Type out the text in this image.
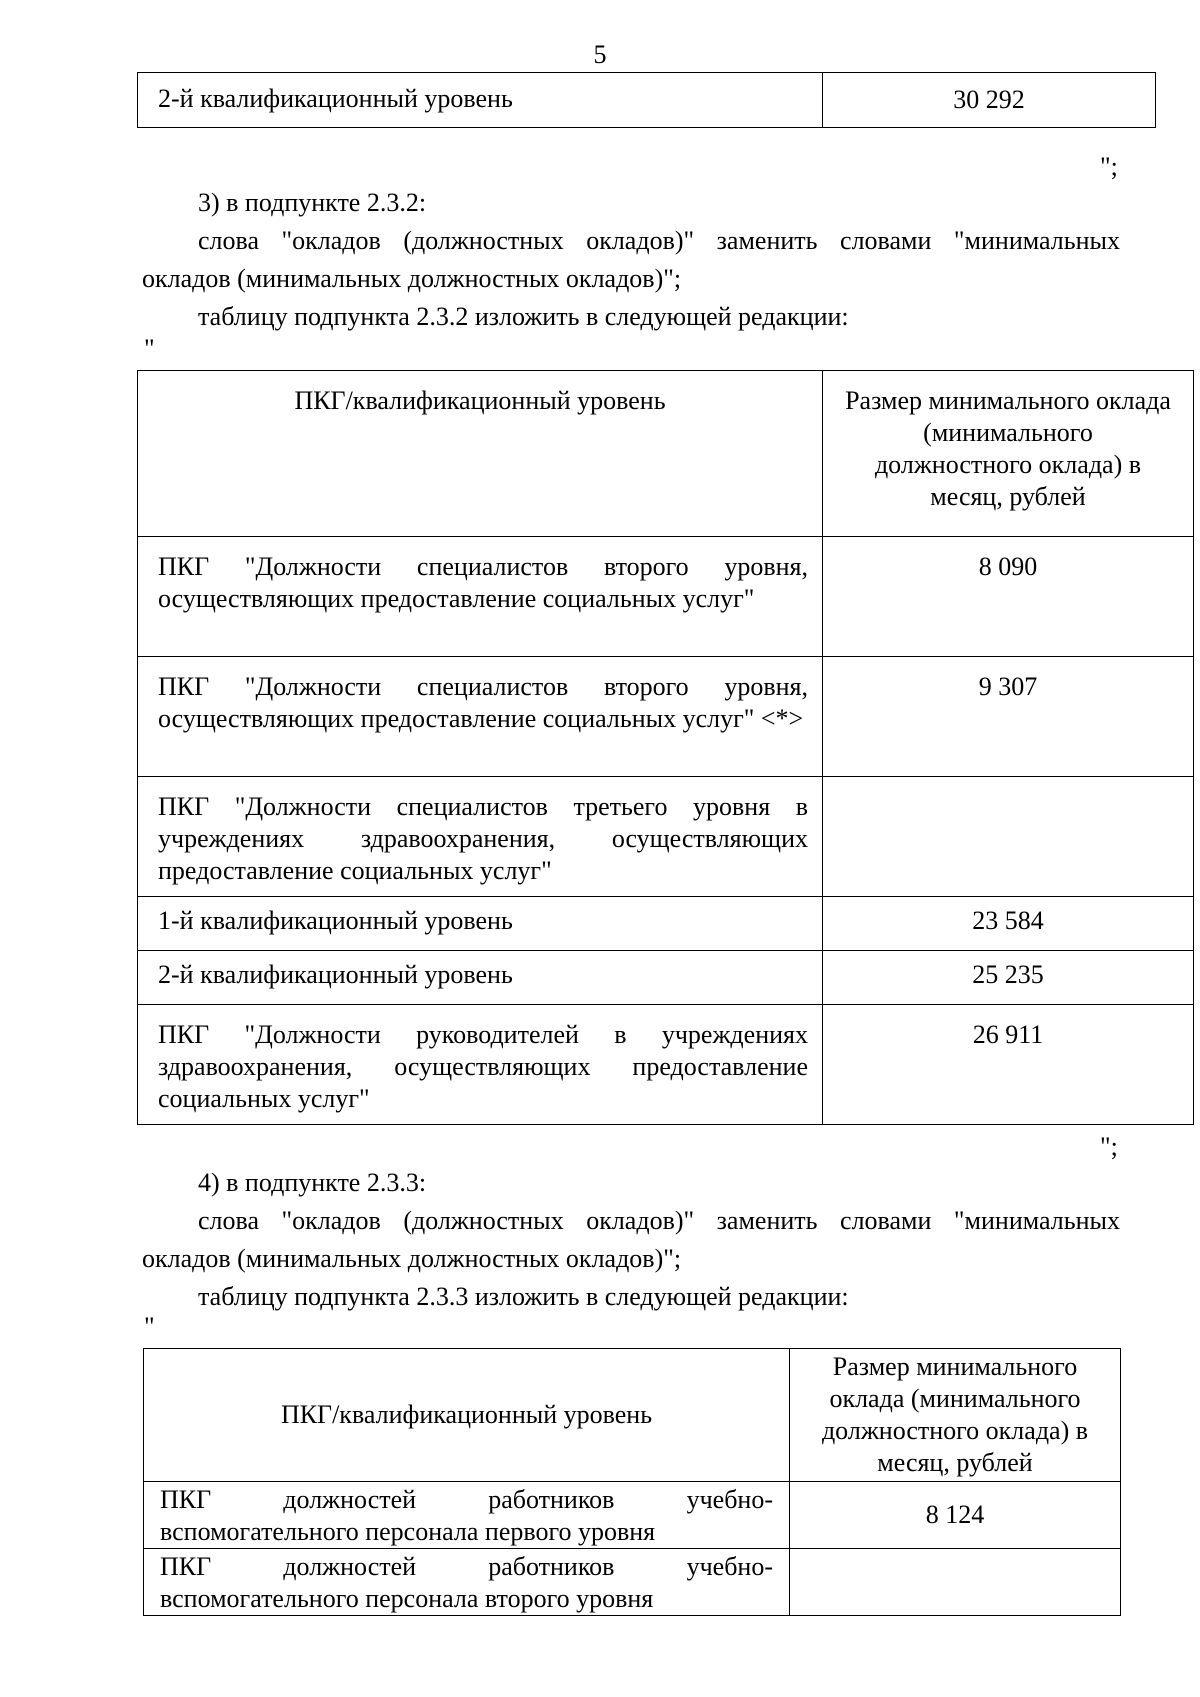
5
2-й квалификационный уровень	30 292
";
3) в подпункте 2.3.2:
слова "окладов (должностных окладов)" заменить словами "минимальных
окладов (минимальных должностных окладов)";
таблицу подпункта 2.3.2 изложить в следующей редакции:
"
ПКГ/квалификационный уровень	Размер минимального оклада (минимального должностного оклада) в месяц, рублей
ПКГ "Должности специалистов второго уровня, осуществляющих предоставление социальных услуг"	8 090
ПКГ "Должности специалистов второго уровня, осуществляющих предоставление социальных услуг" <*>	9 307
ПКГ "Должности специалистов третьего уровня в учреждениях здравоохранения, осуществляющих предоставление социальных услуг"	
1-й квалификационный уровень	23 584
2-й квалификационный уровень	25 235
ПКГ "Должности руководителей в учреждениях здравоохранения, осуществляющих предоставление социальных услуг"	26 911
";
4) в подпункте 2.3.3:
слова "окладов (должностных окладов)" заменить словами "минимальных
окладов (минимальных должностных окладов)";
таблицу подпункта 2.3.3 изложить в следующей редакции:
"
ПКГ/квалификационный уровень	Размер минимального оклада (минимального должностного оклада) в месяц, рублей
ПКГ должностей работников учебно-вспомогательного персонала первого уровня	8 124
ПКГ должностей работников учебно-вспомогательного персонала второго уровня	
